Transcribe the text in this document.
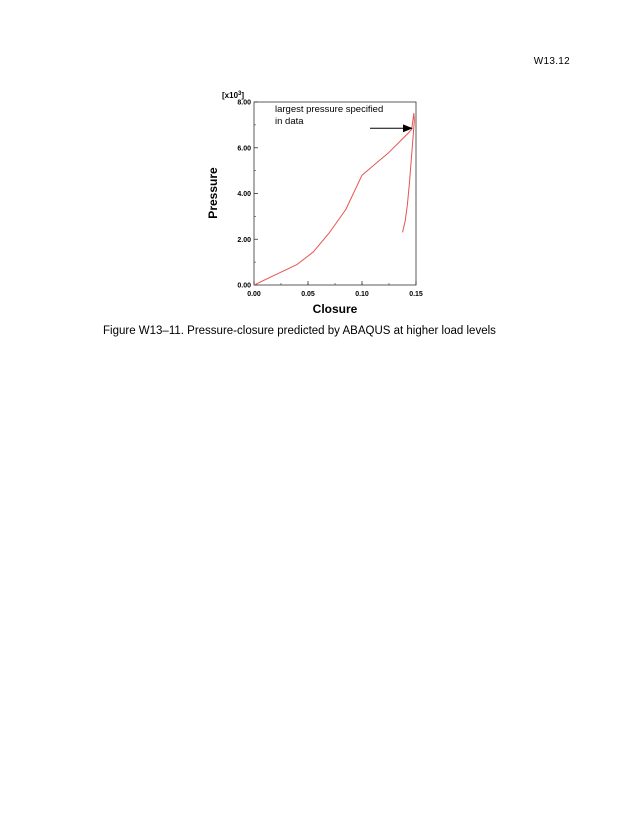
W13.12
0.00	0.05	0.10	0.15
0.00
2.00
4.00
6.00
8.00
$[x10^3]$
Closure
Pressure
largest pressure specified
in data
Figure W13–11. Pressure-closure predicted by ABAQUS at higher load levels
